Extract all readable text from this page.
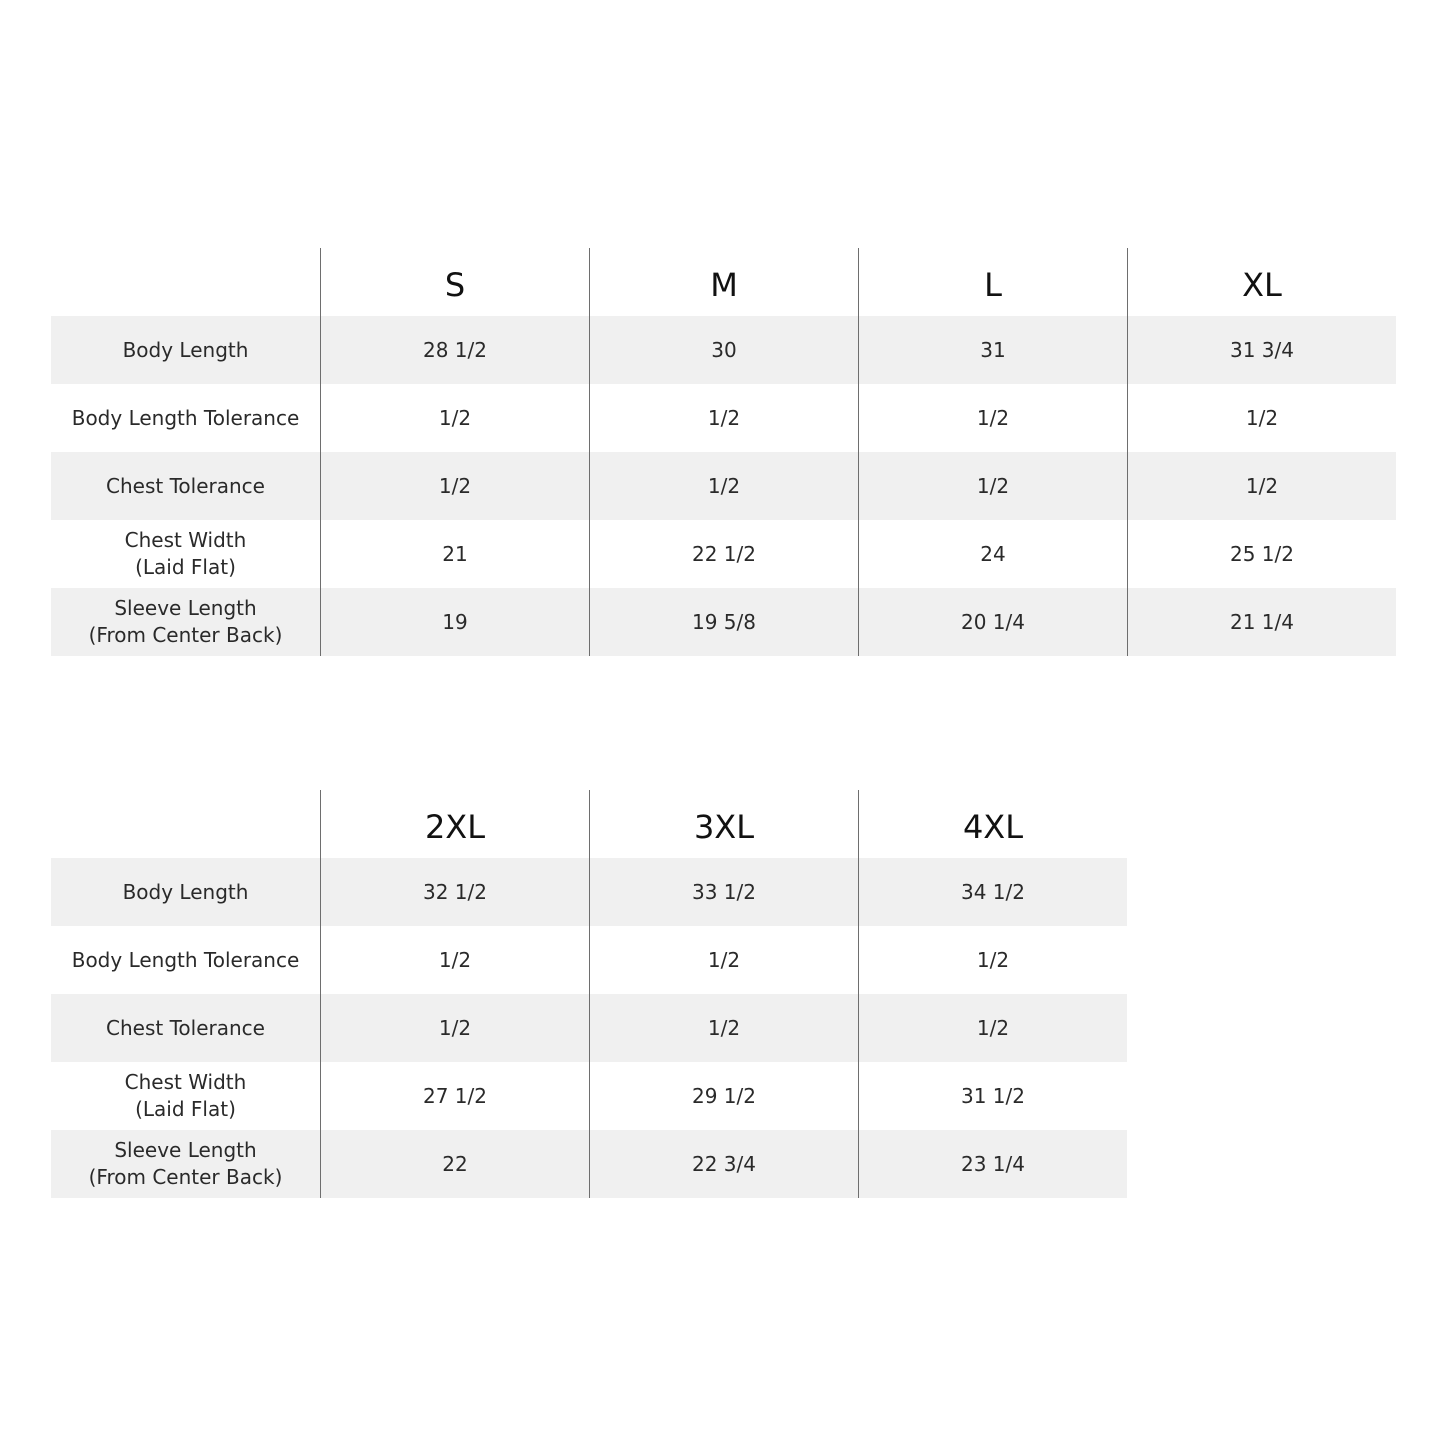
S	M	L	XL
Body Length	28 1/2	30	31	31 3/4
Body Length Tolerance	1/2	1/2	1/2	1/2
Chest Tolerance	1/2	1/2	1/2	1/2
Chest Width
(Laid Flat)
21	22 1/2	24	25 1/2
Sleeve Length
(From Center Back)
19	19 5/8	20 1/4	21 1/4
2XL	3XL	4XL
Body Length	32 1/2	33 1/2	34 1/2
Body Length Tolerance	1/2	1/2	1/2
Chest Tolerance	1/2	1/2	1/2
Chest Width
(Laid Flat)
27 1/2	29 1/2	31 1/2
Sleeve Length
(From Center Back)
22	22 3/4	23 1/4
